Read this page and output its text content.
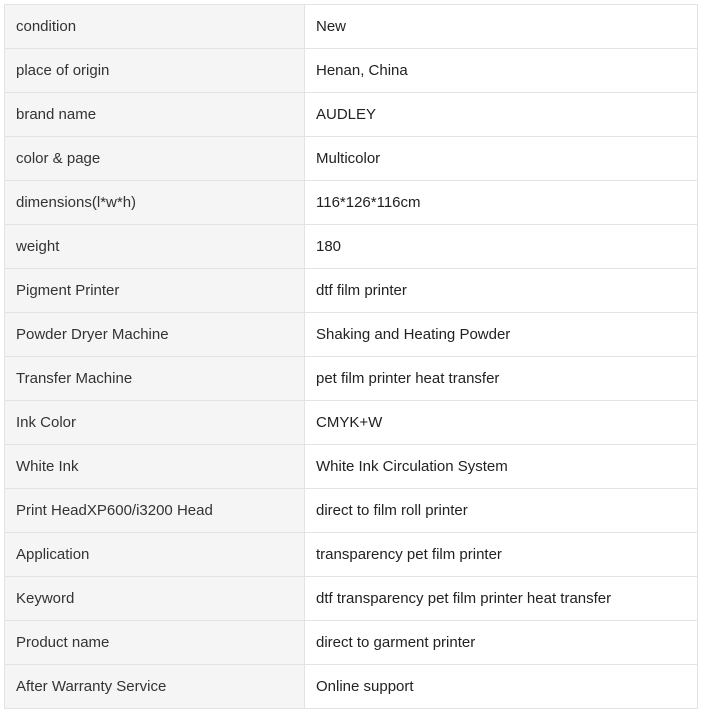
condition	New
place of origin	Henan, China
brand name	AUDLEY
color & page	Multicolor
dimensions(l*w*h)	116*126*116cm
weight	180
Pigment Printer	dtf film printer
Powder Dryer Machine	Shaking and Heating Powder
Transfer Machine	pet film printer heat transfer
Ink Color	CMYK+W
White Ink	White Ink Circulation System
Print HeadXP600/i3200 Head	direct to film roll printer
Application	transparency pet film printer
Keyword	dtf transparency pet film printer heat transfer
Product name	direct to garment printer
After Warranty Service	Online support
